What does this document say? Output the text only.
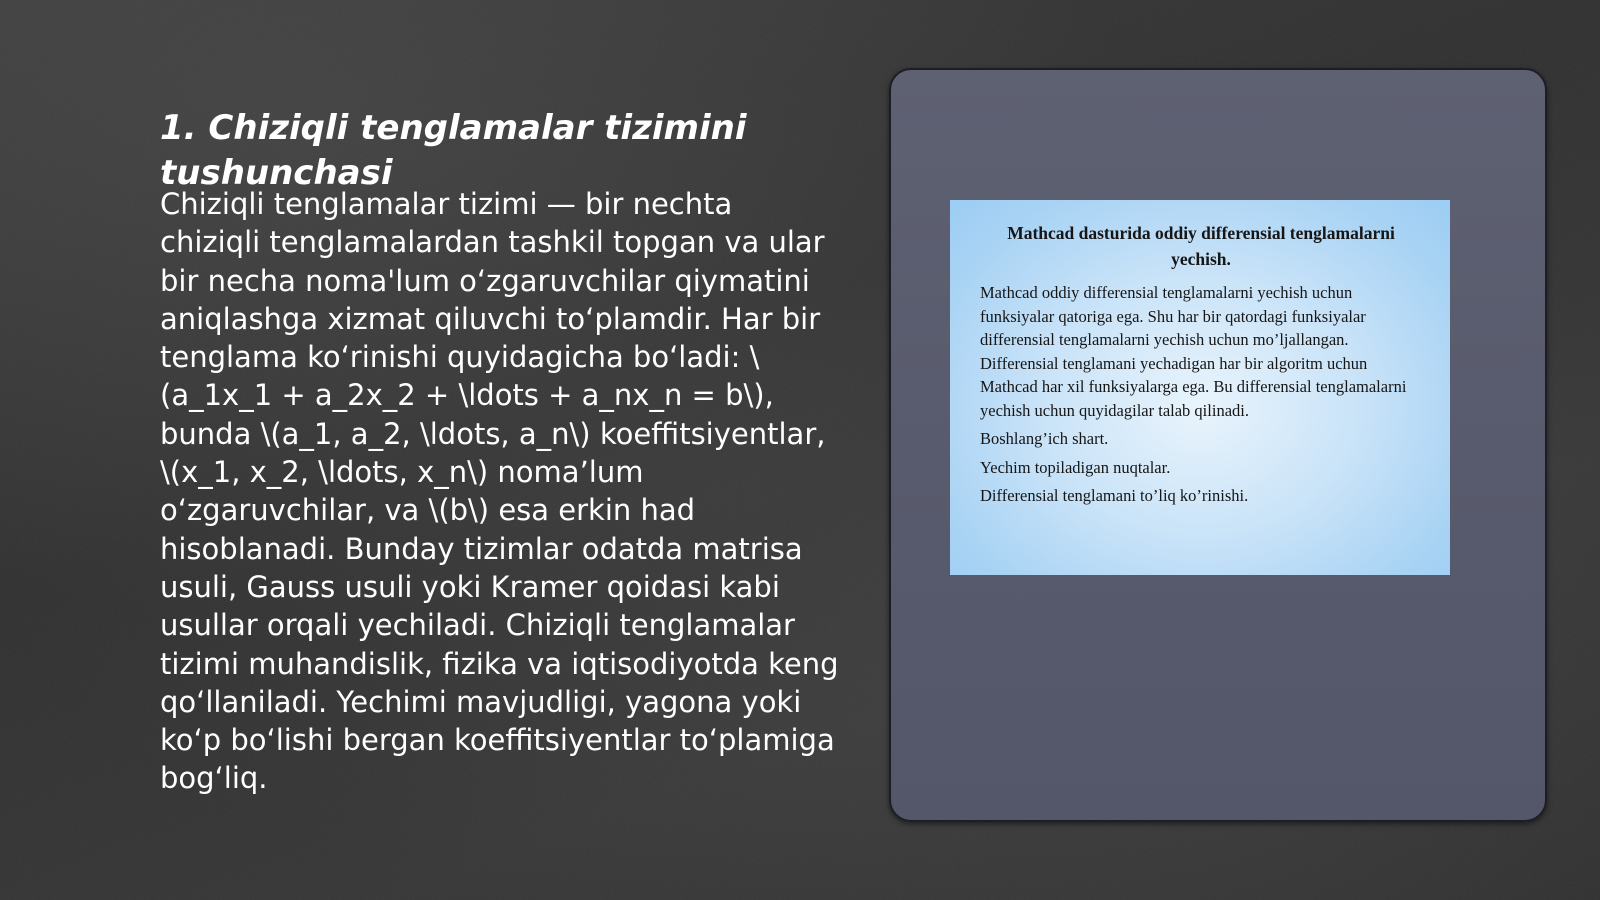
1. Chiziqli tenglamalar tizimini tushunchasi

Chiziqli tenglamalar tizimi — bir nechta chiziqli tenglamalardan tashkil topgan va ular bir necha noma'lum oʻzgaruvchilar qiymatini aniqlashga xizmat qiluvchi toʻplamdir. Har bir tenglama koʻrinishi quyidagicha boʻladi: \(a_1x_1 + a_2x_2 + \ldots + a_nx_n = b\), bunda \(a_1, a_2, \ldots, a_n\) koeffitsiyentlar, \(x_1, x_2, \ldots, x_n\) nomaʼlum oʻzgaruvchilar, va \(b\) esa erkin had hisoblanadi. Bunday tizimlar odatda matrisa usuli, Gauss usuli yoki Kramer qoidasi kabi usullar orqali yechiladi. Chiziqli tenglamalar tizimi muhandislik, fizika va iqtisodiyotda keng qoʻllaniladi. Yechimi mavjudligi, yagona yoki koʻp boʻlishi bergan koeffitsiyentlar toʻplamiga bogʻliq.

Mathcad dasturida oddiy differensial tenglamalarni yechish.

Mathcad oddiy differensial tenglamalarni yechish uchun funksiyalar qatoriga ega. Shu har bir qatordagi funksiyalar differensial tenglamalarni yechish uchun mo’ljallangan. Differensial tenglamani yechadigan har bir algoritm uchun Mathcad har xil funksiyalarga ega. Bu differensial tenglamalarni yechish uchun quyidagilar talab qilinadi.

Boshlang’ich shart.

Yechim topiladigan nuqtalar.

Differensial tenglamani to’liq ko’rinishi.
